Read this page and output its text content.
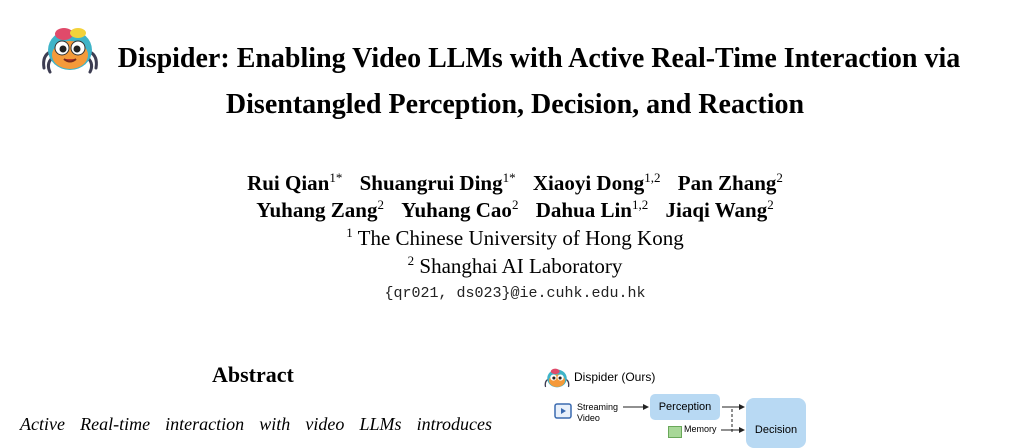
Dispider: Enabling Video LLMs with Active Real-Time Interaction via
Disentangled Perception, Decision, and Reaction
Rui Qian$^{1*}$ Shuangrui Ding$^{1*}$ Xiaoyi Dong$^{1,2}$ Pan Zhang$^2$
Yuhang Zang$^2$ Yuhang Cao$^2$ Dahua Lin$^{1,2}$ Jiaqi Wang$^2$
$^1$ The Chinese University of Hong Kong
$^2$ Shanghai AI Laboratory
{qr021, ds023}@ie.cuhk.edu.hk
Abstract
Active Real-time interaction with video LLMs introduces
Dispider (Ours)
Streaming
Video
Perception
Memory	Decision
